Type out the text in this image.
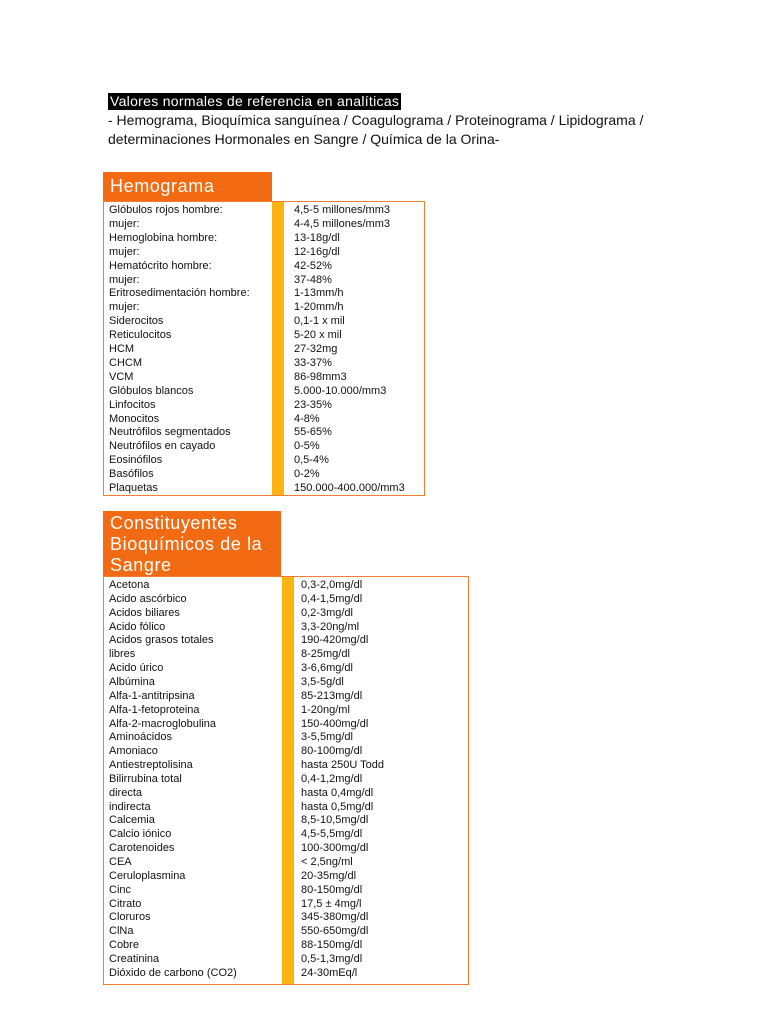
Valores normales de referencia en analíticas
- Hemograma, Bioquímica sanguínea / Coagulograma / Proteinograma / Lipidograma / determinaciones Hormonales en Sangre / Química de la Orina-
Hemograma
Glóbulos rojos hombre:	4,5-5 millones/mm3
mujer:	4-4,5 millones/mm3
Hemoglobina hombre:	13-18g/dl
mujer:	12-16g/dl
Hematócrito hombre:	42-52%
mujer:	37-48%
Eritrosedimentación hombre:	1-13mm/h
mujer:	1-20mm/h
Siderocitos	0,1-1 x mil
Reticulocitos	5-20 x mil
HCM	27-32mg
CHCM	33-37%
VCM	86-98mm3
Glóbulos blancos	5.000-10.000/mm3
Linfocitos	23-35%
Monocitos	4-8%
Neutrófilos segmentados	55-65%
Neutrófilos en cayado	0-5%
Eosinófilos	0,5-4%
Basófilos	0-2%
Plaquetas	150.000-400.000/mm3
Constituyentes
Bioquímicos de la
Sangre
Acetona	0,3-2,0mg/dl
Acido ascórbico	0,4-1,5mg/dl
Acidos biliares	0,2-3mg/dl
Acido fólico	3,3-20ng/ml
Acidos grasos totales	190-420mg/dl
libres	8-25mg/dl
Acido úrico	3-6,6mg/dl
Albúmina	3,5-5g/dl
Alfa-1-antitripsina	85-213mg/dl
Alfa-1-fetoproteina	1-20ng/ml
Alfa-2-macroglobulina	150-400mg/dl
Aminoácidos	3-5,5mg/dl
Amoniaco	80-100mg/dl
Antiestreptolisina	hasta 250U Todd
Bilirrubina total	0,4-1,2mg/dl
directa	hasta 0,4mg/dl
indirecta	hasta 0,5mg/dl
Calcemia	8,5-10,5mg/dl
Calcio iónico	4,5-5,5mg/dl
Carotenoides	100-300mg/dl
CEA	< 2,5ng/ml
Ceruloplasmina	20-35mg/dl
Cinc	80-150mg/dl
Citrato	17,5 ± 4mg/l
Cloruros	345-380mg/dl
ClNa	550-650mg/dl
Cobre	88-150mg/dl
Creatinina	0,5-1,3mg/dl
Dióxido de carbono (CO2)	24-30mEq/l
